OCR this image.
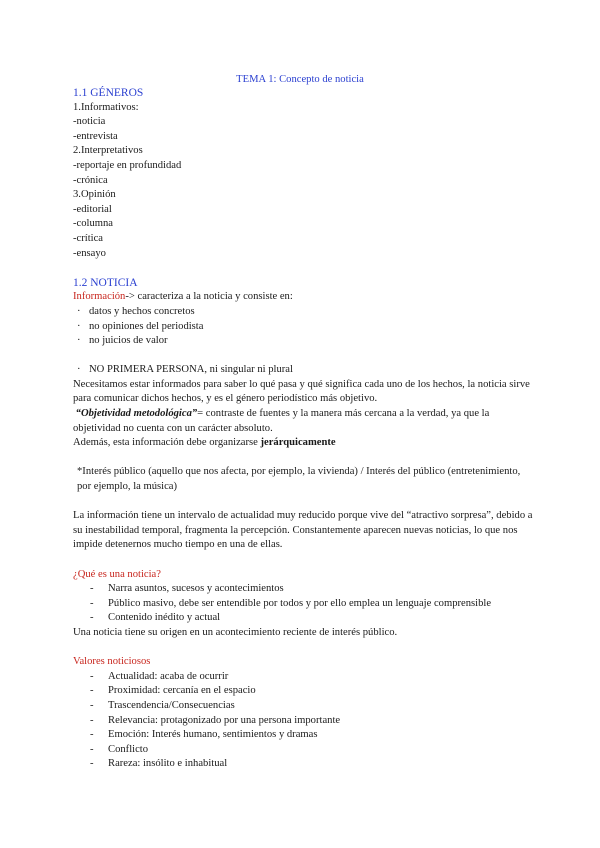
TEMA 1: Concepto de noticia
1.1 GÉNEROS
1.Informativos:
-noticia
-entrevista
2.Interpretativos
-reportaje en profundidad
-crónica
3.Opinión
-editorial
-columna
-crítica
-ensayo
1.2 NOTICIA
Información-> caracteriza a la noticia y consiste en:
· datos y hechos concretos
· no opiniones del periodista
· no juicios de valor
· NO PRIMERA PERSONA, ni singular ni plural
Necesitamos estar informados para saber lo qué pasa y qué significa cada uno de los hechos, la noticia sirve para comunicar dichos hechos, y es el género periodístico más objetivo.
“Objetividad metodológica”= contraste de fuentes y la manera más cercana a la verdad, ya que la objetividad no cuenta con un carácter absoluto.
Además, esta información debe organizarse jerárquicamente
*Interés público (aquello que nos afecta, por ejemplo, la vivienda) / Interés del público (entretenimiento, por ejemplo, la música)
La información tiene un intervalo de actualidad muy reducido porque vive del “atractivo sorpresa”, debido a su inestabilidad temporal, fragmenta la percepción. Constantemente aparecen nuevas noticias, lo que nos impide detenernos mucho tiempo en una de ellas.
¿Qué es una noticia?
- Narra asuntos, sucesos y acontecimientos
- Público masivo, debe ser entendible por todos y por ello emplea un lenguaje comprensible
- Contenido inédito y actual
Una noticia tiene su origen en un acontecimiento reciente de interés público.
Valores noticiosos
- Actualidad: acaba de ocurrir
- Proximidad: cercanía en el espacio
- Trascendencia/Consecuencias
- Relevancia: protagonizado por una persona importante
- Emoción: Interés humano, sentimientos y dramas
- Conflicto
- Rareza: insólito e inhabitual
